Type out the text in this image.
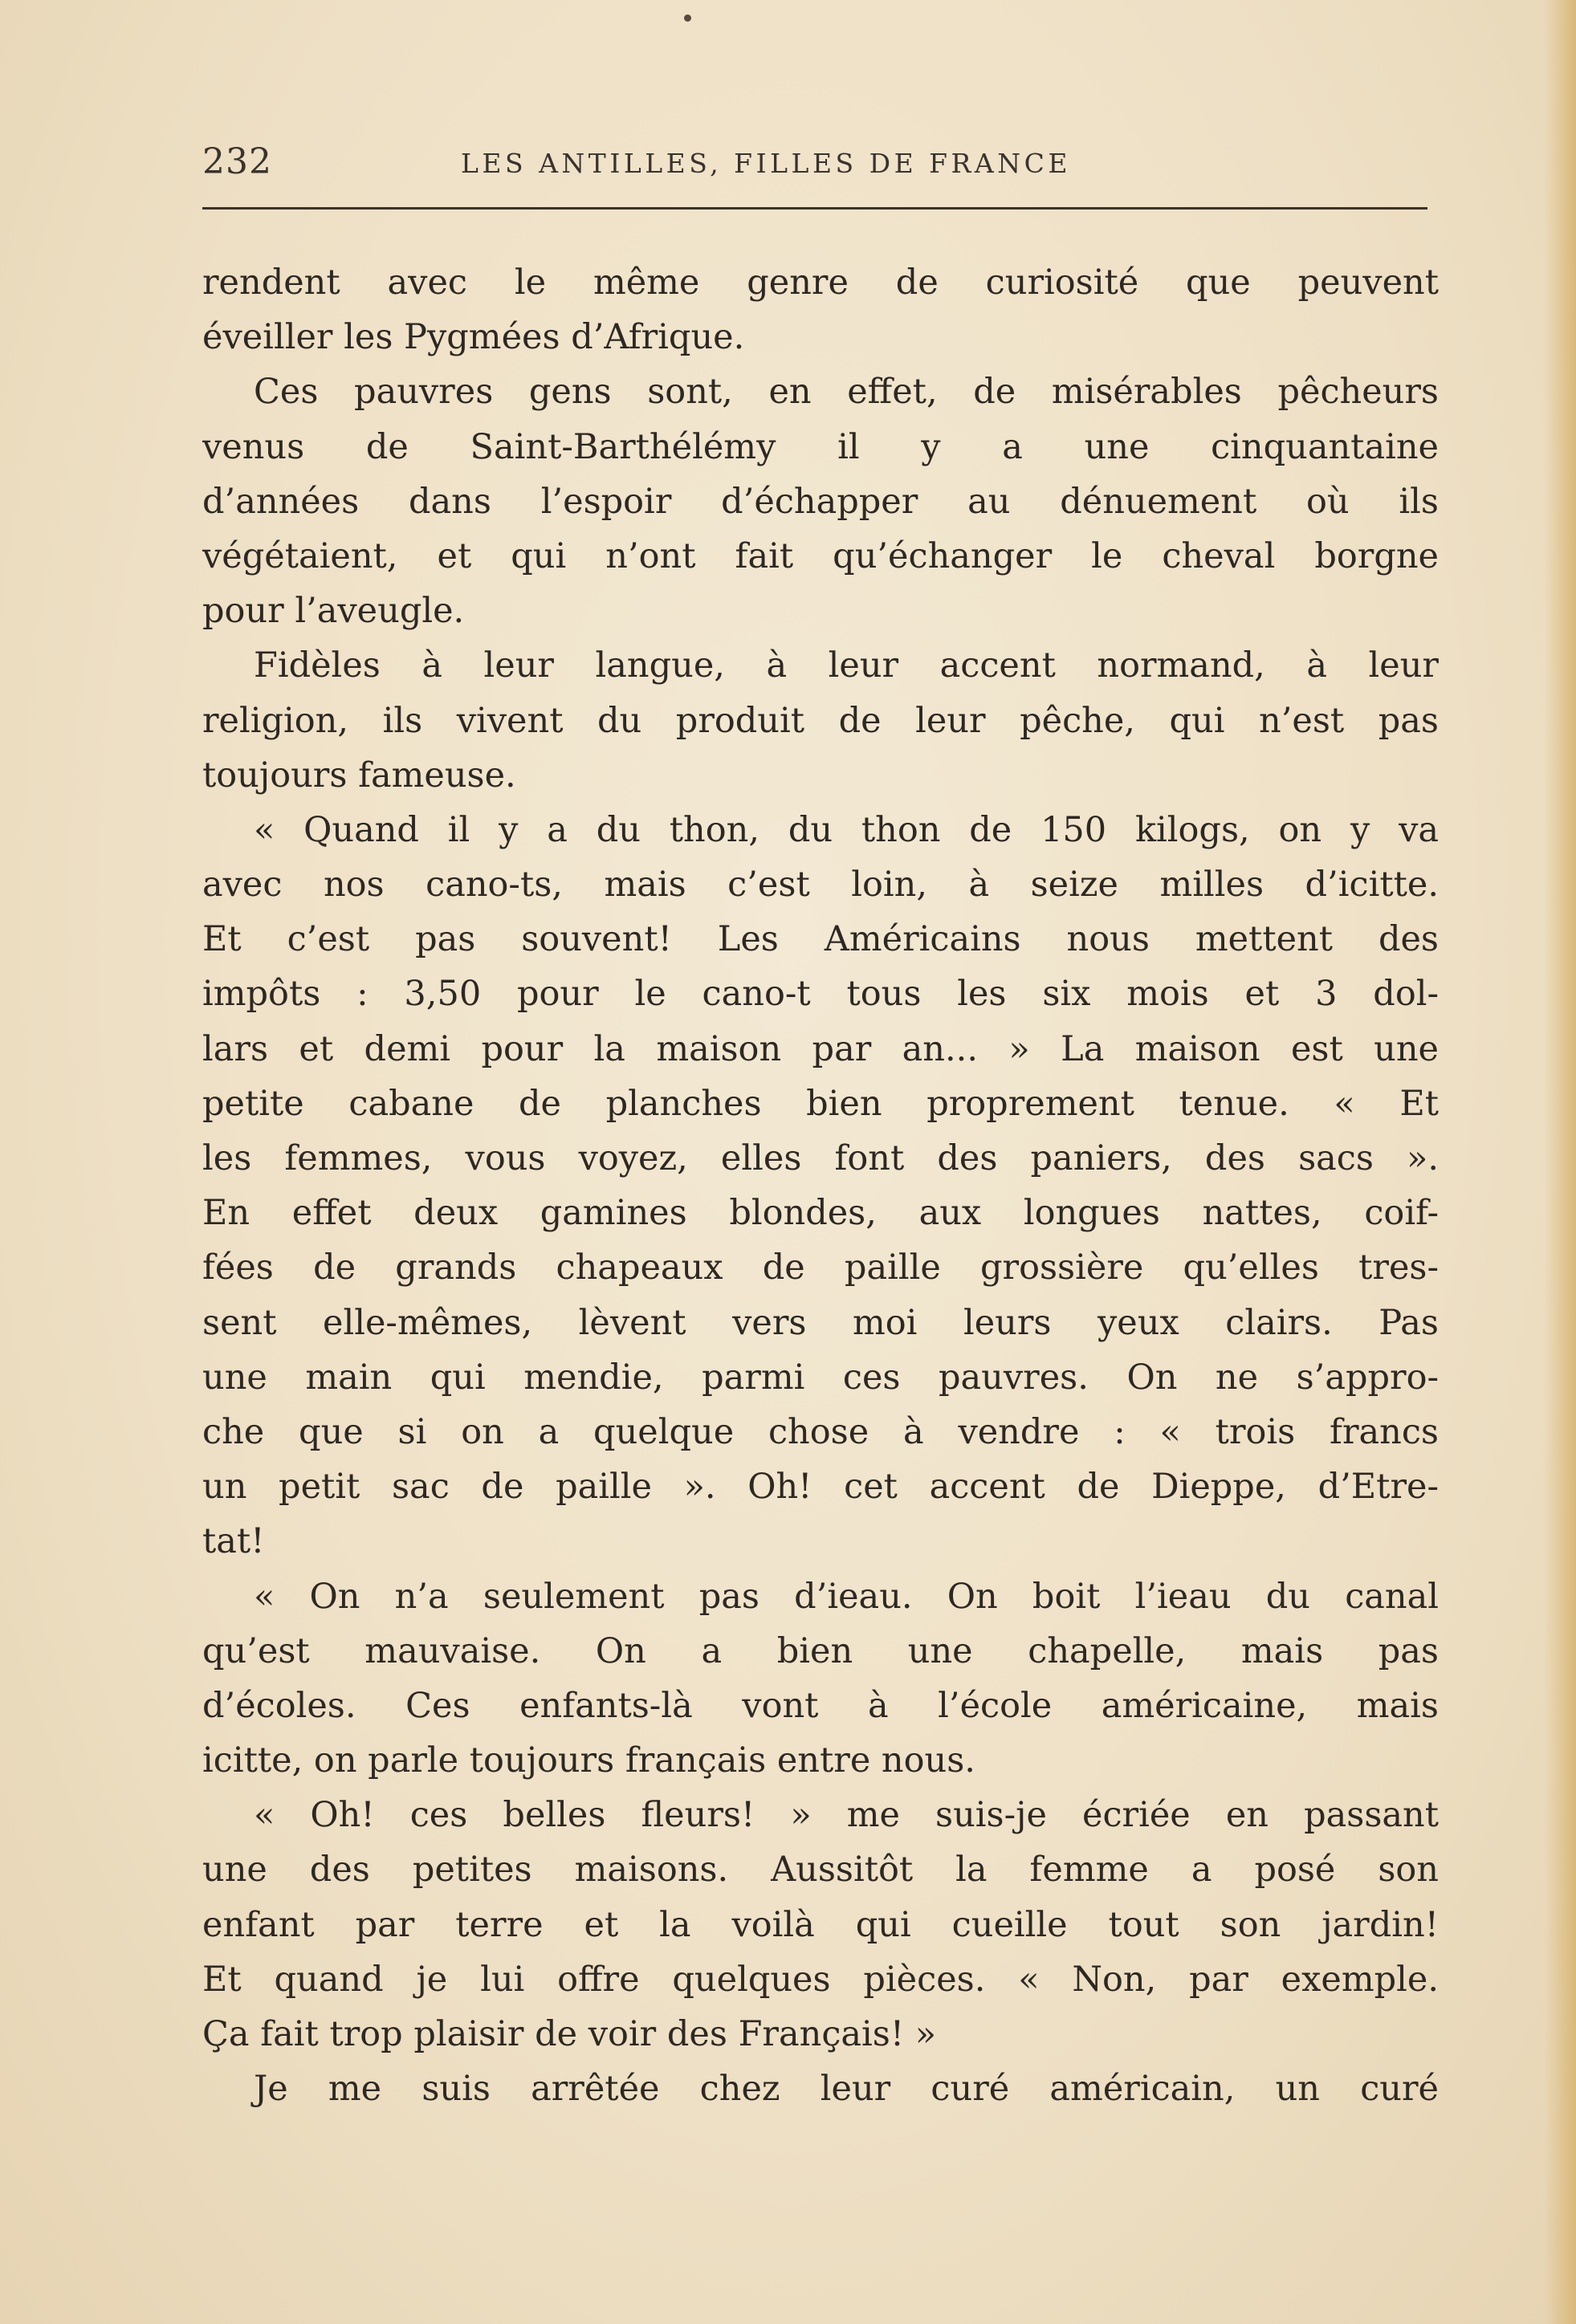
232	LES ANTILLES, FILLES DE FRANCE
rendent avec le même genre de curiosité que peuvent
éveiller les Pygmées d’Afrique.
Ces pauvres gens sont, en effet, de misérables pêcheurs
venus de Saint-Barthélémy il y a une cinquantaine
d’années dans l’espoir d’échapper au dénuement où ils
végétaient, et qui n’ont fait qu’échanger le cheval borgne
pour l’aveugle.
Fidèles à leur langue, à leur accent normand, à leur
religion, ils vivent du produit de leur pêche, qui n’est pas
toujours fameuse.
« Quand il y a du thon, du thon de 150 kilogs, on y va
avec nos cano-ts, mais c’est loin, à seize milles d’icitte.
Et c’est pas souvent! Les Américains nous mettent des
impôts : 3,50 pour le cano-t tous les six mois et 3 dol-
lars et demi pour la maison par an... » La maison est une
petite cabane de planches bien proprement tenue. « Et
les femmes, vous voyez, elles font des paniers, des sacs ».
En effet deux gamines blondes, aux longues nattes, coif-
fées de grands chapeaux de paille grossière qu’elles tres-
sent elle-mêmes, lèvent vers moi leurs yeux clairs. Pas
une main qui mendie, parmi ces pauvres. On ne s’appro-
che que si on a quelque chose à vendre : « trois francs
un petit sac de paille ». Oh! cet accent de Dieppe, d’Etre-
tat!
« On n’a seulement pas d’ieau. On boit l’ieau du canal
qu’est mauvaise. On a bien une chapelle, mais pas
d’écoles. Ces enfants-là vont à l’école américaine, mais
icitte, on parle toujours français entre nous.
« Oh! ces belles fleurs! » me suis-je écriée en passant
une des petites maisons. Aussitôt la femme a posé son
enfant par terre et la voilà qui cueille tout son jardin!
Et quand je lui offre quelques pièces. « Non, par exemple.
Ça fait trop plaisir de voir des Français! »
Je me suis arrêtée chez leur curé américain, un curé
